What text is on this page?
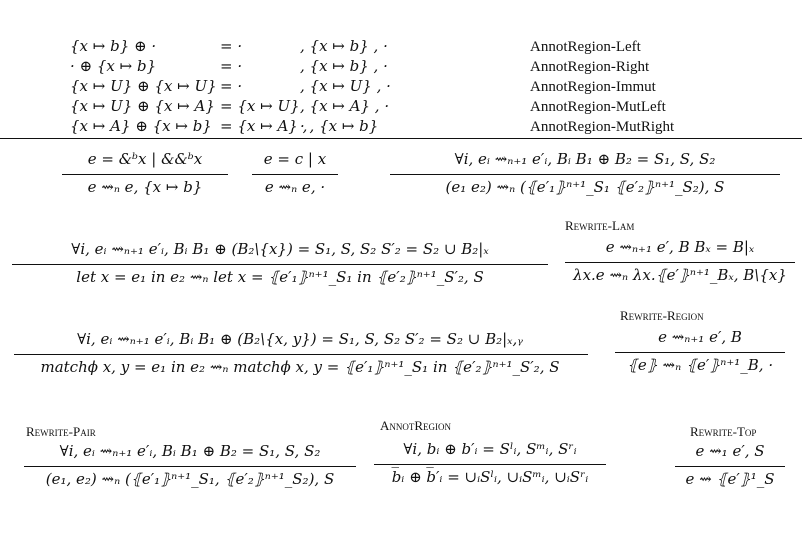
{x ↦ b} ⊕ ·	= ·	, {x ↦ b} , ·	AnnotRegion-Left
· ⊕ {x ↦ b}	= ·	, {x ↦ b} , ·	AnnotRegion-Right
{x ↦ U} ⊕ {x ↦ U} = ·	, {x ↦ U} , ·	AnnotRegion-Immut
{x ↦ U} ⊕ {x ↦ A} = {x ↦ U}, {x ↦ A} , ·	AnnotRegion-MutLeft
{x ↦ A} ⊕ {x ↦ b} = {x ↦ A} ,· , {x ↦ b}	AnnotRegion-MutRight
e = &ᵇx | &&ᵇx
e ⇝ₙ e, {x ↦ b}
e = c | x
e ⇝ₙ e, ·
∀i, eᵢ ⇝ₙ₊₁ e′ᵢ, Bᵢ B₁ ⊕ B₂ = S₁, S, S₂
(e₁ e₂) ⇝ₙ (⦃e′₁⦄ⁿ⁺¹_S₁ ⦃e′₂⦄ⁿ⁺¹_S₂), S
∀i, eᵢ ⇝ₙ₊₁ e′ᵢ, Bᵢ B₁ ⊕ (B₂\{x}) = S₁, S, S₂ S′₂ = S₂ ∪ B₂|ₓ
let x = e₁ in e₂ ⇝ₙ let x = ⦃e′₁⦄ⁿ⁺¹_S₁ in ⦃e′₂⦄ⁿ⁺¹_S′₂, S
Rewrite-Lam
e ⇝ₙ₊₁ e′, B Bₓ = B|ₓ
λx.e ⇝ₙ λx.⦃e′⦄ⁿ⁺¹_Bₓ, B\{x}
∀i, eᵢ ⇝ₙ₊₁ e′ᵢ, Bᵢ B₁ ⊕ (B₂\{x, y}) = S₁, S, S₂ S′₂ = S₂ ∪ B₂|ₓ,ᵧ
matchϕ x, y = e₁ in e₂ ⇝ₙ matchϕ x, y = ⦃e′₁⦄ⁿ⁺¹_S₁ in ⦃e′₂⦄ⁿ⁺¹_S′₂, S
Rewrite-Region
e ⇝ₙ₊₁ e′, B
⦃e⦄ ⇝ₙ ⦃e′⦄ⁿ⁺¹_B, ·
Rewrite-Pair
∀i, eᵢ ⇝ₙ₊₁ e′ᵢ, Bᵢ B₁ ⊕ B₂ = S₁, S, S₂
(e₁, e₂) ⇝ₙ (⦃e′₁⦄ⁿ⁺¹_S₁, ⦃e′₂⦄ⁿ⁺¹_S₂), S
AnnotRegion
∀i, bᵢ ⊕ b′ᵢ = Sˡᵢ, Sᵐᵢ, Sʳᵢ
b̅ᵢ ⊕ b̅′ᵢ = ∪ᵢSˡᵢ, ∪ᵢSᵐᵢ, ∪ᵢSʳᵢ
Rewrite-Top
e ⇝₁ e′, S
e ⇝ ⦃e′⦄¹_S
